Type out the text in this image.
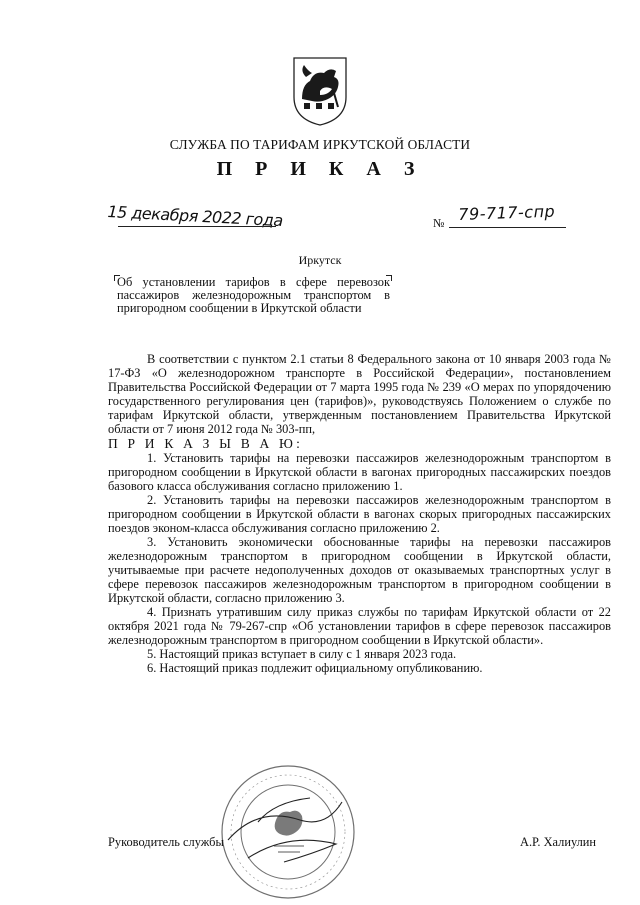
СЛУЖБА ПО ТАРИФАМ ИРКУТСКОЙ ОБЛАСТИ
П Р И К А З
15 декабря 2022 года	№ 79-717-спр
Иркутск
Об установлении тарифов в сфере перевозок пассажиров железнодорожным транспортом в пригородном сообщении в Иркутской области

В соответствии с пунктом 2.1 статьи 8 Федерального закона от 10 января 2003 года № 17-ФЗ «О железнодорожном транспорте в Российской Федерации», постановлением Правительства Российской Федерации от 7 марта 1995 года № 239 «О мерах по упорядочению государственного регулирования цен (тарифов)», руководствуясь Положением о службе по тарифам Иркутской области, утвержденным постановлением Правительства Иркутской области от 7 июня 2012 года № 303-пп,

П Р И К А З Ы В А Ю:

1. Установить тарифы на перевозки пассажиров железнодорожным транспортом в пригородном сообщении в Иркутской области в вагонах пригородных пассажирских поездов базового класса обслуживания согласно приложению 1.

2. Установить тарифы на перевозки пассажиров железнодорожным транспортом в пригородном сообщении в Иркутской области в вагонах скорых пригородных пассажирских поездов эконом-класса обслуживания согласно приложению 2.

3. Установить экономически обоснованные тарифы на перевозки пассажиров железнодорожным транспортом в пригородном сообщении в Иркутской области, учитываемые при расчете недополученных доходов от оказываемых транспортных услуг в сфере перевозок пассажиров железнодорожным транспортом в пригородном сообщении в Иркутской области, согласно приложению 3.

4. Признать утратившим силу приказ службы по тарифам Иркутской области от 22 октября 2021 года № 79-267-спр «Об установлении тарифов в сфере перевозок пассажиров железнодорожным транспортом в пригородном сообщении в Иркутской области».

5. Настоящий приказ вступает в силу с 1 января 2023 года.

6. Настоящий приказ подлежит официальному опубликованию.

Руководитель службы	А.Р. Халиулин
